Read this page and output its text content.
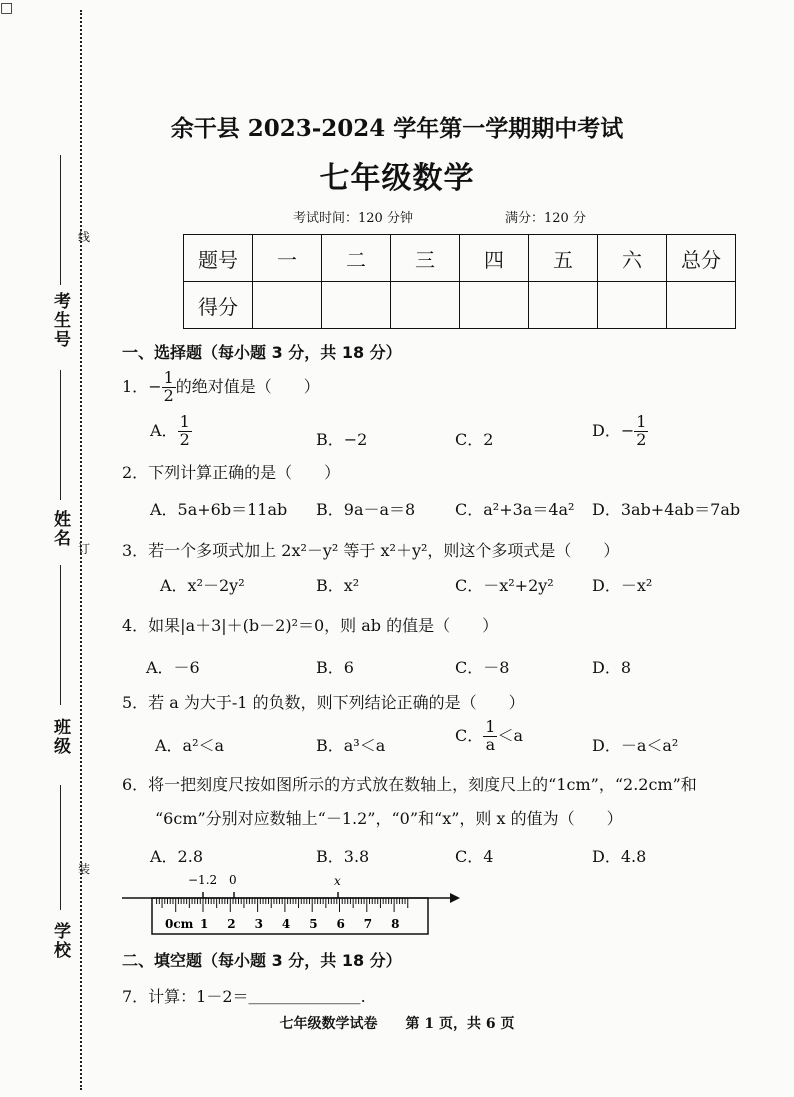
□
考生号
姓名
班级
学校
线
订
装
余干县 2023-2024 学年第一学期期中考试
七年级数学
考试时间：120 分钟	满分：120 分
题号	一	二	三	四	五	六	总分
得分							
一、选择题（每小题 3 分，共 18 分）
1．− $\frac{1}{2}$ 的绝对值是（　　）
A． $\frac{1}{2}$	B．−2	C．2	D．− $\frac{1}{2}$
2．下列计算正确的是（　　）
A．5a+6b＝11ab B．9a－a＝8 C．a²+3a＝4a² D．3ab+4ab＝7ab
3．若一个多项式加上 2x²－y² 等于 x²＋y²，则这个多项式是（　　）
A．x²－2y²	B．x²	C．－x²+2y² D．－x²
4．如果|a＋3|＋(b－2)²＝0，则 ab 的值是（　　）
A．－6	B．6	C．－8	D．8
5．若 a 为大于-1 的负数，则下列结论正确的是（　　）
A．a²＜a	B．a³＜a
C． $\frac{1}{a} <a$
D．－a＜a²
6．将一把刻度尺按如图所示的方式放在数轴上，刻度尺上的“1cm”，“2.2cm”和
“6cm”分别对应数轴上“－1.2”，“0”和“x”，则 x 的值为（　　）
A．2.8	B．3.8	C．4	D．4.8
−1.2 0	x
0cm 1 2 3 4 5 6 7 8
二、填空题（每小题 3 分，共 18 分）
7．计算：1－2＝＿＿＿＿＿＿＿.
七年级数学试卷　　第 1 页，共 6 页
